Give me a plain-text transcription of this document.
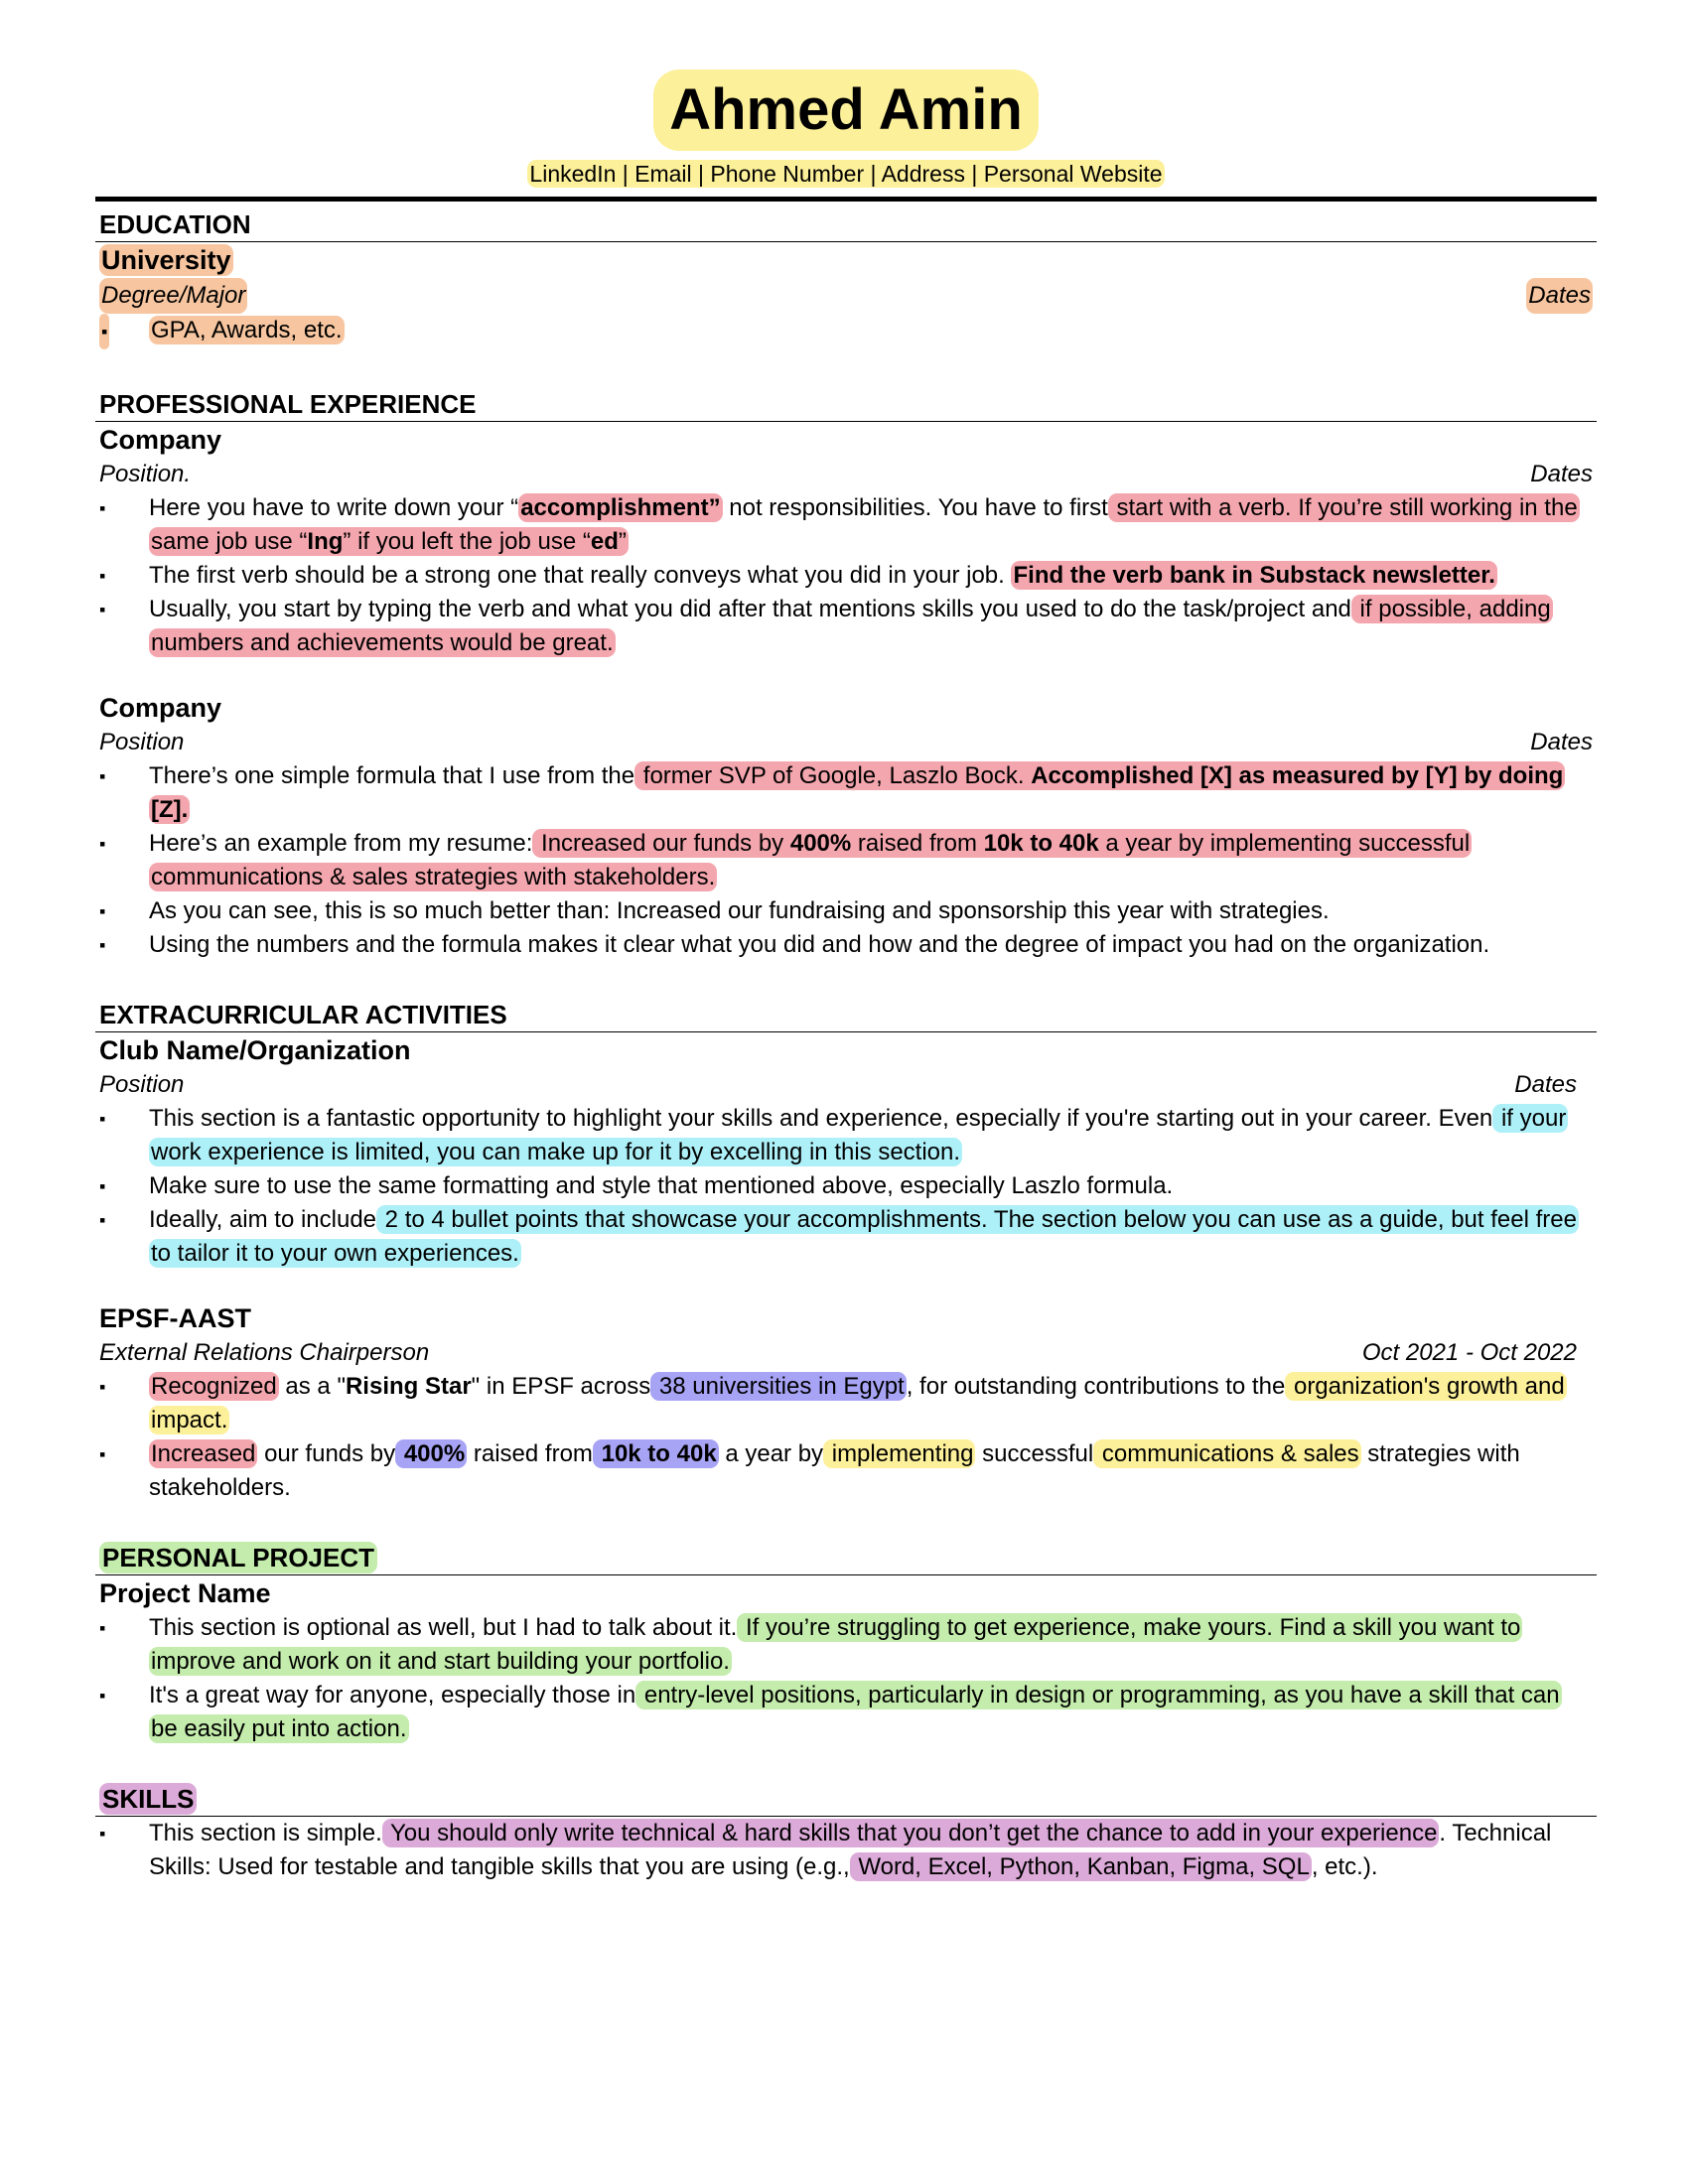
Ahmed Amin
LinkedIn | Email | Phone Number | Address | Personal Website
EDUCATION
University
Degree/Major	Dates
▪ GPA, Awards, etc.
PROFESSIONAL EXPERIENCE
Company
Position.	Dates
▪ Here you have to write down your “accomplishment” not responsibilities. You have to first start with a verb. If you’re still working in the same job use “Ing” if you left the job use “ed”
▪ The first verb should be a strong one that really conveys what you did in your job. Find the verb bank in Substack newsletter.
▪ Usually, you start by typing the verb and what you did after that mentions skills you used to do the task/project and if possible, adding numbers and achievements would be great.
Company
Position	Dates
▪ There’s one simple formula that I use from the former SVP of Google, Laszlo Bock. Accomplished [X] as measured by [Y] by doing [Z].
▪ Here’s an example from my resume: Increased our funds by 400% raised from 10k to 40k a year by implementing successful communications & sales strategies with stakeholders.
▪ As you can see, this is so much better than: Increased our fundraising and sponsorship this year with strategies.
▪ Using the numbers and the formula makes it clear what you did and how and the degree of impact you had on the organization.
EXTRACURRICULAR ACTIVITIES
Club Name/Organization
Position	Dates
▪ This section is a fantastic opportunity to highlight your skills and experience, especially if you're starting out in your career. Even if your work experience is limited, you can make up for it by excelling in this section.
▪ Make sure to use the same formatting and style that mentioned above, especially Laszlo formula.
▪ Ideally, aim to include 2 to 4 bullet points that showcase your accomplishments. The section below you can use as a guide, but feel free to tailor it to your own experiences.
EPSF-AAST
External Relations Chairperson	Oct 2021 - Oct 2022
▪ Recognized as a "Rising Star" in EPSF across 38 universities in Egypt, for outstanding contributions to the organization's growth and impact.
▪ Increased our funds by 400% raised from 10k to 40k a year by implementing successful communications & sales strategies with stakeholders.
PERSONAL PROJECT
Project Name
▪ This section is optional as well, but I had to talk about it. If you’re struggling to get experience, make yours. Find a skill you want to improve and work on it and start building your portfolio.
▪ It's a great way for anyone, especially those in entry-level positions, particularly in design or programming, as you have a skill that can be easily put into action.
SKILLS
▪ This section is simple. You should only write technical & hard skills that you don’t get the chance to add in your experience. Technical Skills: Used for testable and tangible skills that you are using (e.g., Word, Excel, Python, Kanban, Figma, SQL, etc.).
